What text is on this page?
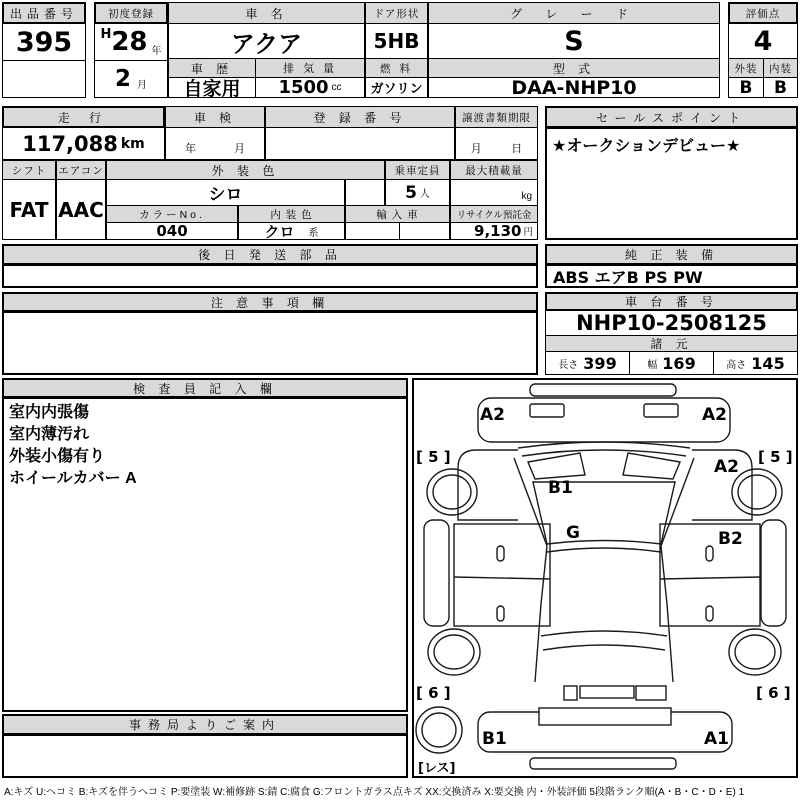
出品番号
395
初度登録
H 28 年
2 月
車 名
アクア
車 歴
自家用
排 気 量
1500 cc
ドア形状
5HB
燃 料
ガソリン
グ レ ー ド
S
型 式
DAA-NHP10
評価点
4
外装	内装
B	B
走 行
117,088 km
車 検
年	月
登 録 番 号	譲渡書類期限
月	日
セールスポイント
★オークションデビュー★
シフト	エアコン
FAT AAC
外 装 色
シロ
乗車定員
5 人
最大積載量
kg
カラーNo.
040
内 装 色
クロ 系
輸 入 車	リサイクル預託金
9,130 円
後 日 発 送 部 品	純 正 装 備
ABS エアB PS PW
注 意 事 項 欄	車 台 番 号
NHP10-2508125
諸 元
長さ 399	幅 169	高さ 145
検 査 員 記 入 欄
室内内張傷
室内薄汚れ
外装小傷有り
ホイールカバー A
事務局よりご案内
A2	A2
[ 5 ]	[ 5 ]
A2
B1
G	B2
[ 6 ]	[ 6 ]
B1	A1
[レス]
A:キズ U:ヘコミ B:キズを伴うヘコミ P:要塗装 W:補修跡 S:錆 C:腐食 G:フロントガラス点キズ XX:交換済み X:要交換 内・外装評価 5段階ランク順(A・B・C・D・E) 1
